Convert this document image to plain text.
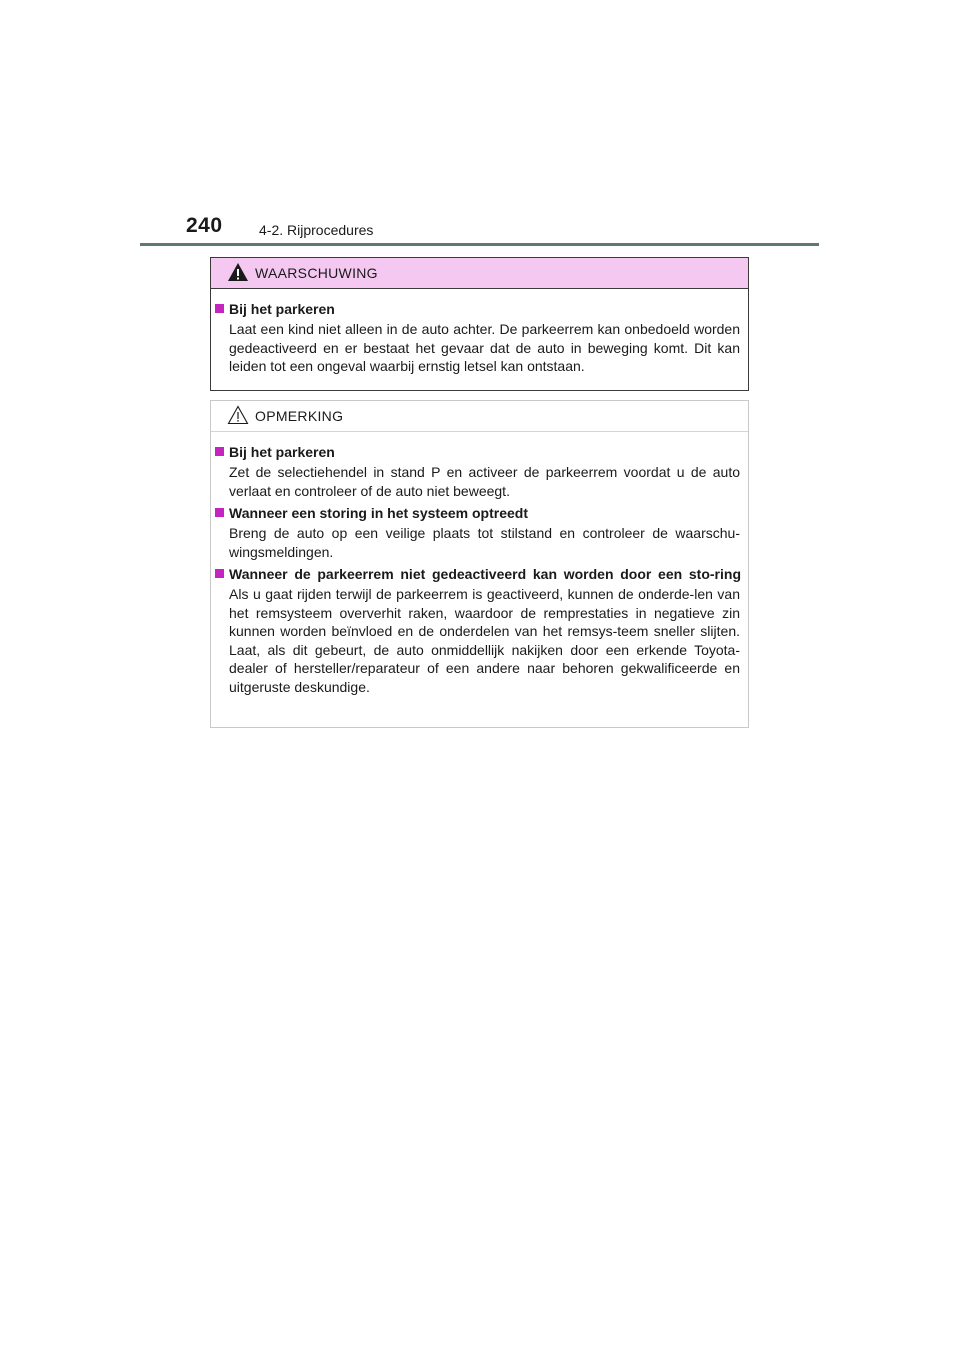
240	4-2. Rijprocedures
WAARSCHUWING
Bij het parkeren
Laat een kind niet alleen in de auto achter. De parkeerrem kan onbedoeld worden gedeactiveerd en er bestaat het gevaar dat de auto in beweging komt. Dit kan leiden tot een ongeval waarbij ernstig letsel kan ontstaan.
OPMERKING
Bij het parkeren
Zet de selectiehendel in stand P en activeer de parkeerrem voordat u de auto verlaat en controleer of de auto niet beweegt.
Wanneer een storing in het systeem optreedt
Breng de auto op een veilige plaats tot stilstand en controleer de waarschu-wingsmeldingen.
Wanneer de parkeerrem niet gedeactiveerd kan worden door een sto-ring
Als u gaat rijden terwijl de parkeerrem is geactiveerd, kunnen de onderde-len van het remsysteem oververhit raken, waardoor de remprestaties in negatieve zin kunnen worden beïnvloed en de onderdelen van het remsys-teem sneller slijten. Laat, als dit gebeurt, de auto onmiddellijk nakijken door een erkende Toyota-dealer of hersteller/reparateur of een andere naar behoren gekwalificeerde en uitgeruste deskundige.
